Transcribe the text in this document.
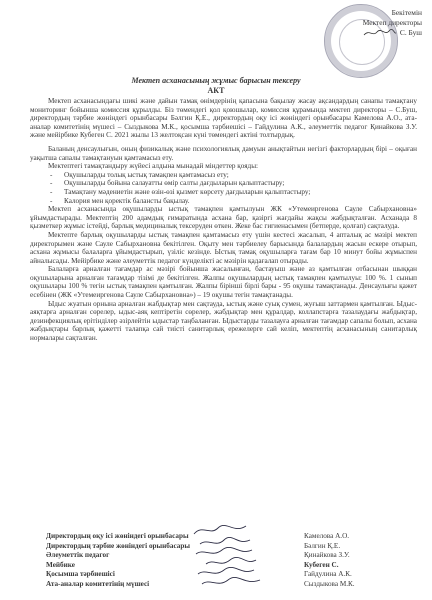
Бекітемін
Мектеп директоры
С. Буш
Мектеп асханасының жұмыс барысын тексеру
АКТ

Мектеп асханасындағы шикі және дайын тамақ өнімдерінің қапасына бақылау жасау ақсандардың санапы тамақтану мониторинг бойынша комиссия құрылды. Біз төмендегі қол қоюшылар, комиссия құрамында мектеп директоры – С.Буш, директордың тәрбие жөніндегі орынбасары Бәлгин Қ.Е., директордың оқу ісі жөніндегі орынбасары Камелова А.О., ата-аналар комитетінің мүшесі – Сыздыкова М.К., қосымша тәрбиешісі – Гайдулина А.К., әлеуметтік педагог Қинайкова З.У. және мейірбике Кубеген С. 2021 жылы 13 желтоқсан күні төмендегі актіні толтырдық.

Баланың денсаулығын, оның физикалық және психологиялық дамуын анықтайтын негізгі факторлардың бірі – оқыған уақытша сапалы тамақтануын қамтамасыз ету.

Мектептегі тамақтандыру жүйесі алдына мынадай міндеттер қояды:

- Оқушыларды толық ыстық тамақпен қамтамасыз ету;
- Оқушыларды бойына салауатты өмір салты дағдыларын қалыптастыру;
- Тамақтану мәдениетін және өзін-өзі қызмет көрсету дағдыларын қалыптастыру;
- Калория мен қоректік балансты бақылау.

Мектеп асханасында оқушыларды ыстық тамақпен қамтылуын ЖК «Утемеиргенова Сауле Сабырхановна» ұйымдастырады. Мектептің 200 адамдық ғимаратында асхана бар, қазіргі жағдайы жақсы жабдықталған. Асханада 8 қызметкер жұмыс істейді, барлық медициналық тексеруден өткен. Жеке бас гигиенасымен (бетперде, қолғап) сақталуда.

Мектепте барлық оқушыларды ыстық тамақпен қамтамасыз ету үшін кестесі жасалып, 4 апталық ас мәзірі мектеп директорымен және Сауле Сабырхановна бекітілген. Оқыту мен тәрбиелеу барысында балалардың жасын ескере отырып, асхана жұмысы балаларға ұйымдастырып, үзіліс кезінде. Ыстық тамақ оқушыларға тағам бар 10 минут бойы жұмыспен айналысады. Мейірбике және әлеуметтік педагог күнделікті ас мәзірін қадағалап отырады.

Балаларға арналған тағамдар ас мәзірі бойынша жасалынған, бастауыш және аз қамтылған отбасынан шыққан оқушыларына арналған тағамдар тізімі де бекітілген. Жалпы оқушылардың ыстық тамақпен қамтылуы: 100 %. 1 сынып оқушылары 100 % тегін ыстық тамақпен қамтылған. Жалпы бірінші бірлі бары - 95 оқушы тамақтанады. Денсаулығы қажет есебінен (ЖК «Утемеиргенова Сауле Сабырхановна») – 19 оқушы тегін тамақтанады.

Ыдыс жуатын орнына арналған жабдықтар мен сақтауда, ыстық және суық сумен, жуғыш заттармен қамтылған. Ыдыс-аяқтарға арналған сөрелер, ыдыс-аяқ кептіретін сөрелер, жабдықтар мен құралдар, коллапстарға тазалаудағы жабдықтар, дезинфекциялық ерітінділер әзірлейтін ыдыстар таңбаланған. Ыдыстарды тазалауға арналған тағамдар сапалы болып, асхана жабдықтары барлық қажетті талапқа сай тиісті санитарлық ережелерге сай келіп, мектептің асханасының санитарлық нормалары сақталған.

Директордың оқу ісі жөніндегі орынбасары	Камелова А.О.
Директордың тәрбие жөніндегі орынбасары	Бәлгин Қ.Е.
Әлеуметтік педагог	Қинайкова З.У.
Мейбике	Кубеген С.
Қосымша тәрбиешісі	Гайдулина А.К.
Ата-аналар комитетінің мүшесі	Сыздыкова М.К.
